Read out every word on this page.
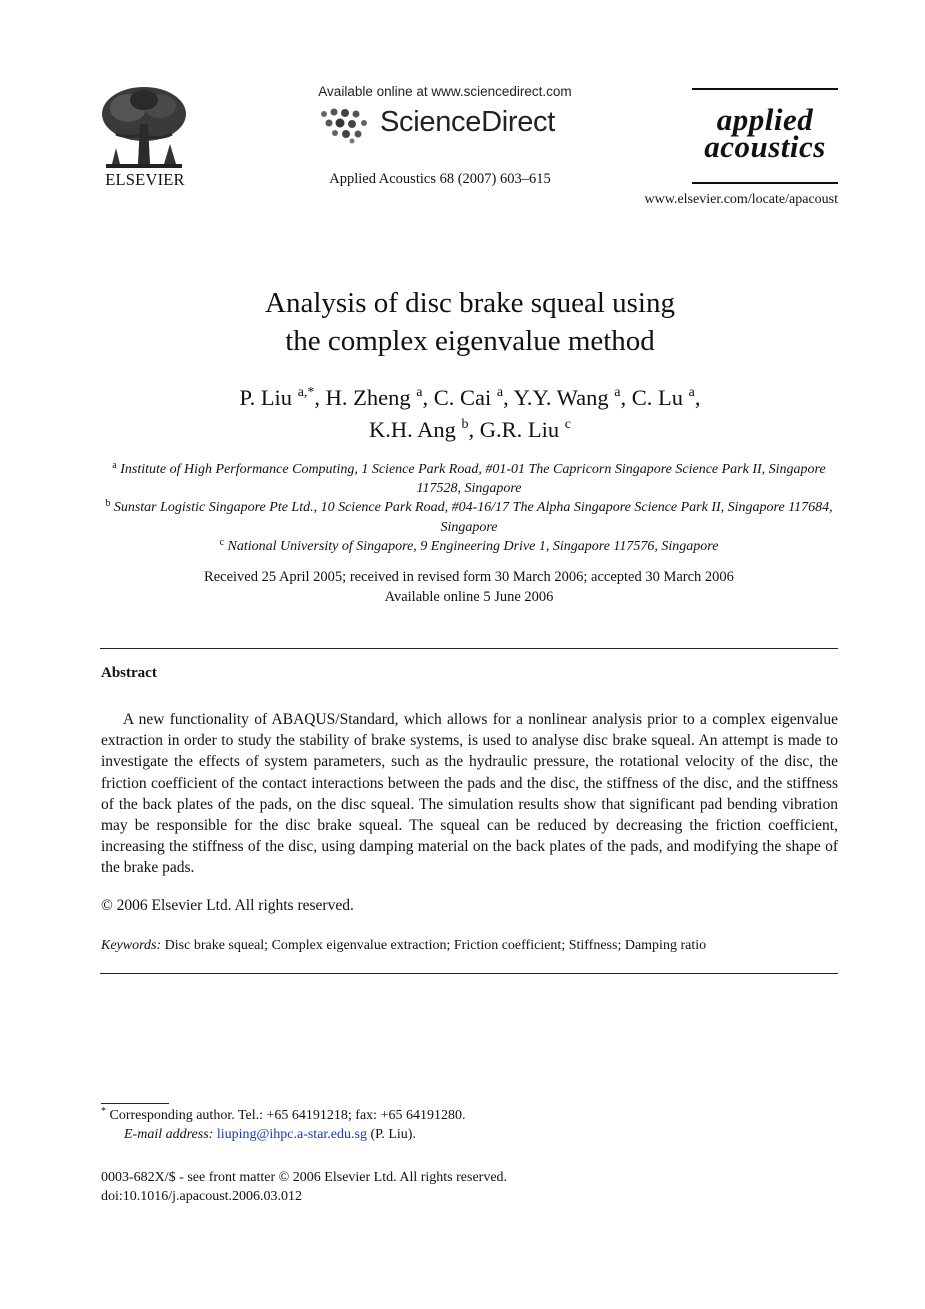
ELSEVIER
Available online at www.sciencedirect.com
ScienceDirect
Applied Acoustics 68 (2007) 603–615
applied
acoustics
www.elsevier.com/locate/apacoust
Analysis of disc brake squeal using
the complex eigenvalue method
P. Liu $^{a,*}$, H. Zheng $^a$, C. Cai $^a$, Y.Y. Wang $^a$, C. Lu $^a$,
K.H. Ang $^b$, G.R. Liu $^c$
$^a$ Institute of High Performance Computing, 1 Science Park Road, #01-01 The Capricorn Singapore Science Park II, Singapore 117528, Singapore
$^b$ Sunstar Logistic Singapore Pte Ltd., 10 Science Park Road, #04-16/17 The Alpha Singapore Science Park II, Singapore 117684, Singapore
$^c$ National University of Singapore, 9 Engineering Drive 1, Singapore 117576, Singapore
Received 25 April 2005; received in revised form 30 March 2006; accepted 30 March 2006
Available online 5 June 2006
Abstract
A new functionality of ABAQUS/Standard, which allows for a nonlinear analysis prior to a complex eigenvalue extraction in order to study the stability of brake systems, is used to analyse disc brake squeal. An attempt is made to investigate the effects of system parameters, such as the hydraulic pressure, the rotational velocity of the disc, the friction coefficient of the contact interactions between the pads and the disc, the stiffness of the disc, and the stiffness of the back plates of the pads, on the disc squeal. The simulation results show that significant pad bending vibration may be responsible for the disc brake squeal. The squeal can be reduced by decreasing the friction coefficient, increasing the stiffness of the disc, using damping material on the back plates of the pads, and modifying the shape of the brake pads.
© 2006 Elsevier Ltd. All rights reserved.
Keywords: Disc brake squeal; Complex eigenvalue extraction; Friction coefficient; Stiffness; Damping ratio
* Corresponding author. Tel.: +65 64191218; fax: +65 64191280.
E-mail address: liuping@ihpc.a-star.edu.sg (P. Liu).
0003-682X/$ - see front matter © 2006 Elsevier Ltd. All rights reserved.
doi:10.1016/j.apacoust.2006.03.012
